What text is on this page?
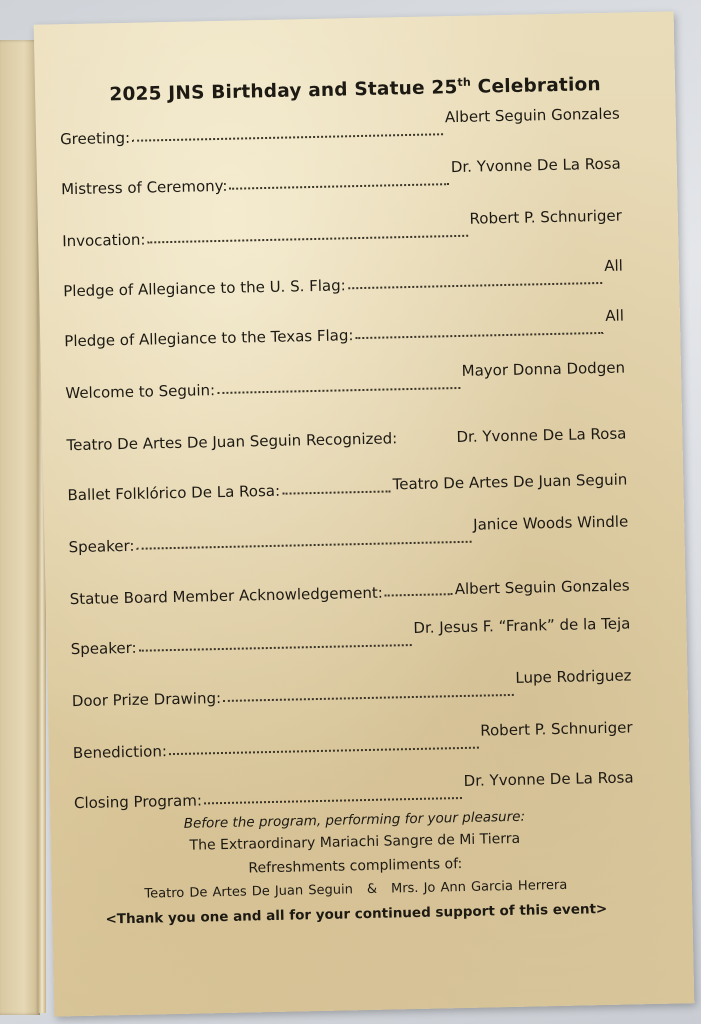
2025 JNS Birthday and Statue 25th Celebration
Greeting:
Albert Seguin Gonzales
Mistress of Ceremony:
Dr. Yvonne De La Rosa
Invocation:
Robert P. Schnuriger
Pledge of Allegiance to the U. S. Flag:
All
Pledge of Allegiance to the Texas Flag:
All
Welcome to Seguin:
Mayor Donna Dodgen
Teatro De Artes De Juan Seguin Recognized:	Dr. Yvonne De La Rosa
Ballet Folklórico De La Rosa:	Teatro De Artes De Juan Seguin
Speaker:
Janice Woods Windle
Statue Board Member Acknowledgement:	Albert Seguin Gonzales
Speaker:
Dr. Jesus F. “Frank” de la Teja
Door Prize Drawing:
Lupe Rodriguez
Benediction:
Robert P. Schnuriger
Closing Program:
Dr. Yvonne De La Rosa
Before the program, performing for your pleasure:
The Extraordinary Mariachi Sangre de Mi Tierra
Refreshments compliments of:
Teatro De Artes De Juan Seguin & Mrs. Jo Ann Garcia Herrera
<Thank you one and all for your continued support of this event>
